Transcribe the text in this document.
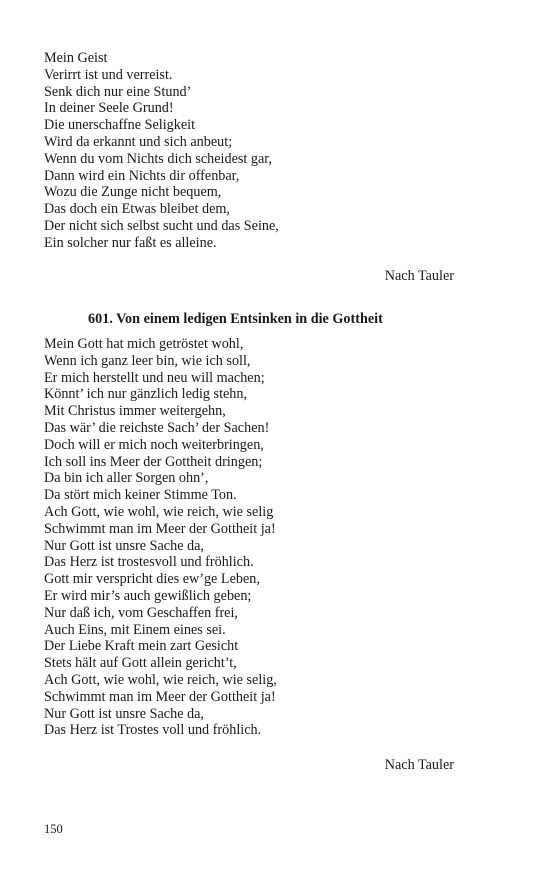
Mein Geist
Verirrt ist und verreist.
Senk dich nur eine Stund’
In deiner Seele Grund!
Die unerschaffne Seligkeit
Wird da erkannt und sich anbeut;
Wenn du vom Nichts dich scheidest gar,
Dann wird ein Nichts dir offenbar,
Wozu die Zunge nicht bequem,
Das doch ein Etwas bleibet dem,
Der nicht sich selbst sucht und das Seine,
Ein solcher nur faßt es alleine.
Nach Tauler
601. Von einem ledigen Entsinken in die Gottheit
Mein Gott hat mich getröstet wohl,
Wenn ich ganz leer bin, wie ich soll,
Er mich herstellt und neu will machen;
Könnt’ ich nur gänzlich ledig stehn,
Mit Christus immer weitergehn,
Das wär’ die reichste Sach’ der Sachen!
Doch will er mich noch weiterbringen,
Ich soll ins Meer der Gottheit dringen;
Da bin ich aller Sorgen ohn’,
Da stört mich keiner Stimme Ton.
Ach Gott, wie wohl, wie reich, wie selig
Schwimmt man im Meer der Gottheit ja!
Nur Gott ist unsre Sache da,
Das Herz ist trostesvoll und fröhlich.
Gott mir verspricht dies ew’ge Leben,
Er wird mir’s auch gewißlich geben;
Nur daß ich, vom Geschaffen frei,
Auch Eins, mit Einem eines sei.
Der Liebe Kraft mein zart Gesicht
Stets hält auf Gott allein gericht’t,
Ach Gott, wie wohl, wie reich, wie selig,
Schwimmt man im Meer der Gottheit ja!
Nur Gott ist unsre Sache da,
Das Herz ist Trostes voll und fröhlich.
Nach Tauler
150
